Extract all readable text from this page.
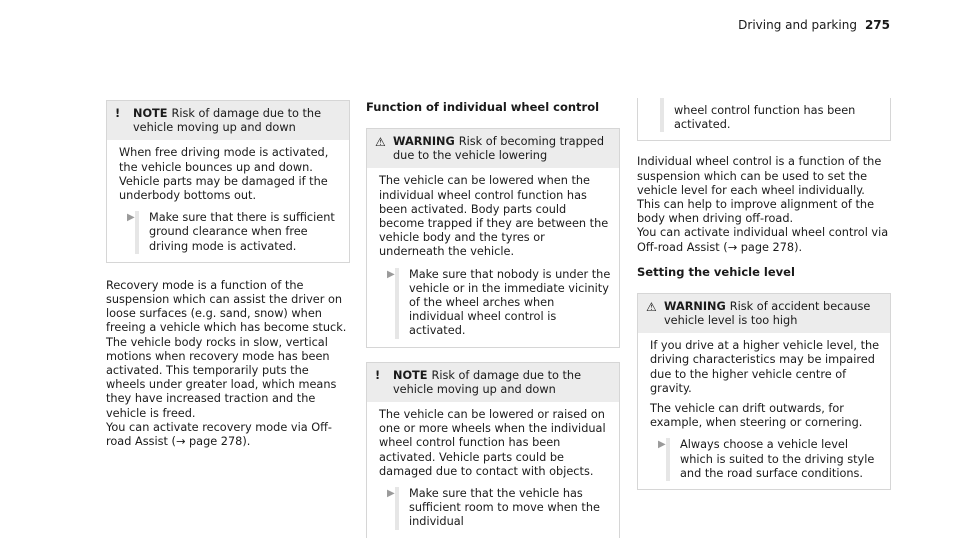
Driving and parking 275
!	NOTE Risk of damage due to the vehicle moving up and down

When free driving mode is activated, the vehicle bounces up and down. Vehicle parts may be damaged if the underbody bottoms out.

▶	Make sure that there is sufficient ground clearance when free driving mode is activated.

Recovery mode is a function of the suspension which can assist the driver on loose surfaces (e.g. sand, snow) when freeing a vehicle which has become stuck.

The vehicle body rocks in slow, vertical motions when recovery mode has been activated. This temporarily puts the wheels under greater load, which means they have increased traction and the vehicle is freed.

You can activate recovery mode via Off-road Assist (→ page 278).

Function of individual wheel control
⚠ WARNING Risk of becoming trapped due to the vehicle lowering

The vehicle can be lowered when the individual wheel control function has been activated. Body parts could become trapped if they are between the vehicle body and the tyres or underneath the vehicle.

▶	Make sure that nobody is under the vehicle or in the immediate vicinity of the wheel arches when individual wheel control is activated.
!	NOTE Risk of damage due to the vehicle moving up and down

The vehicle can be lowered or raised on one or more wheels when the individual wheel control function has been activated. Vehicle parts could be damaged due to contact with objects.

▶	Make sure that the vehicle has sufficient room to move when the individual
wheel control function has been activated.

Individual wheel control is a function of the suspension which can be used to set the vehicle level for each wheel individually. This can help to improve alignment of the body when driving off-road.

You can activate individual wheel control via Off-road Assist (→ page 278).

Setting the vehicle level
⚠ WARNING Risk of accident because vehicle level is too high

If you drive at a higher vehicle level, the driving characteristics may be impaired due to the higher vehicle centre of gravity.

The vehicle can drift outwards, for example, when steering or cornering.

▶	Always choose a vehicle level which is suited to the driving style and the road surface conditions.
